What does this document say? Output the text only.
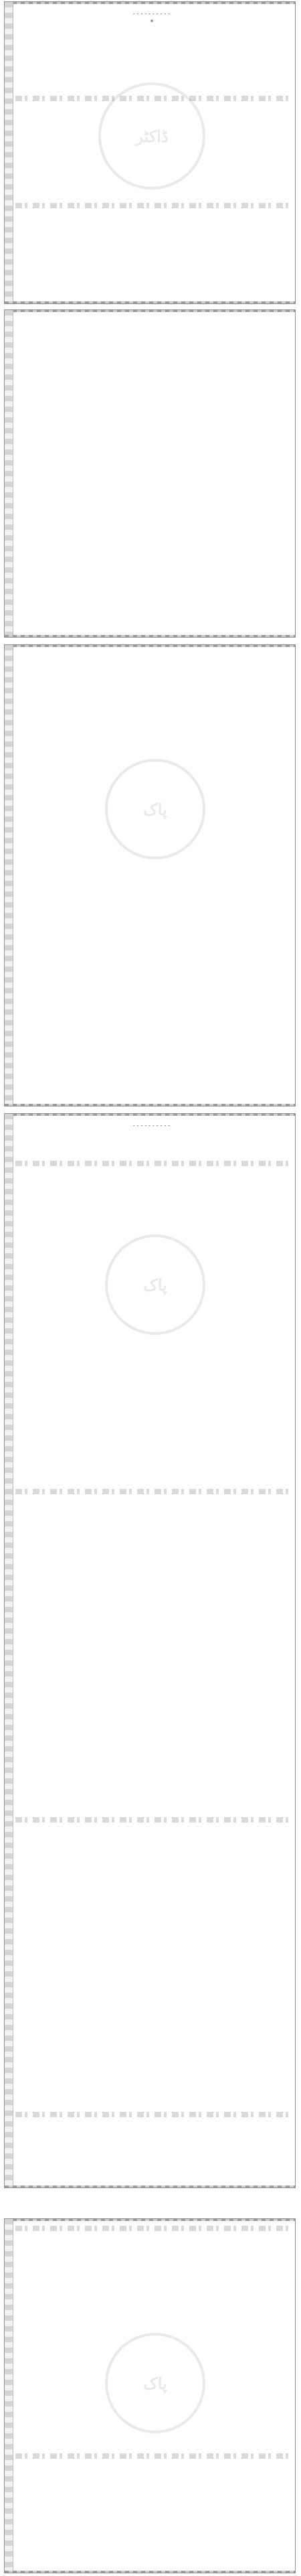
ڈاکٹر

----------

*

پاک

پاک

----------

پاک
